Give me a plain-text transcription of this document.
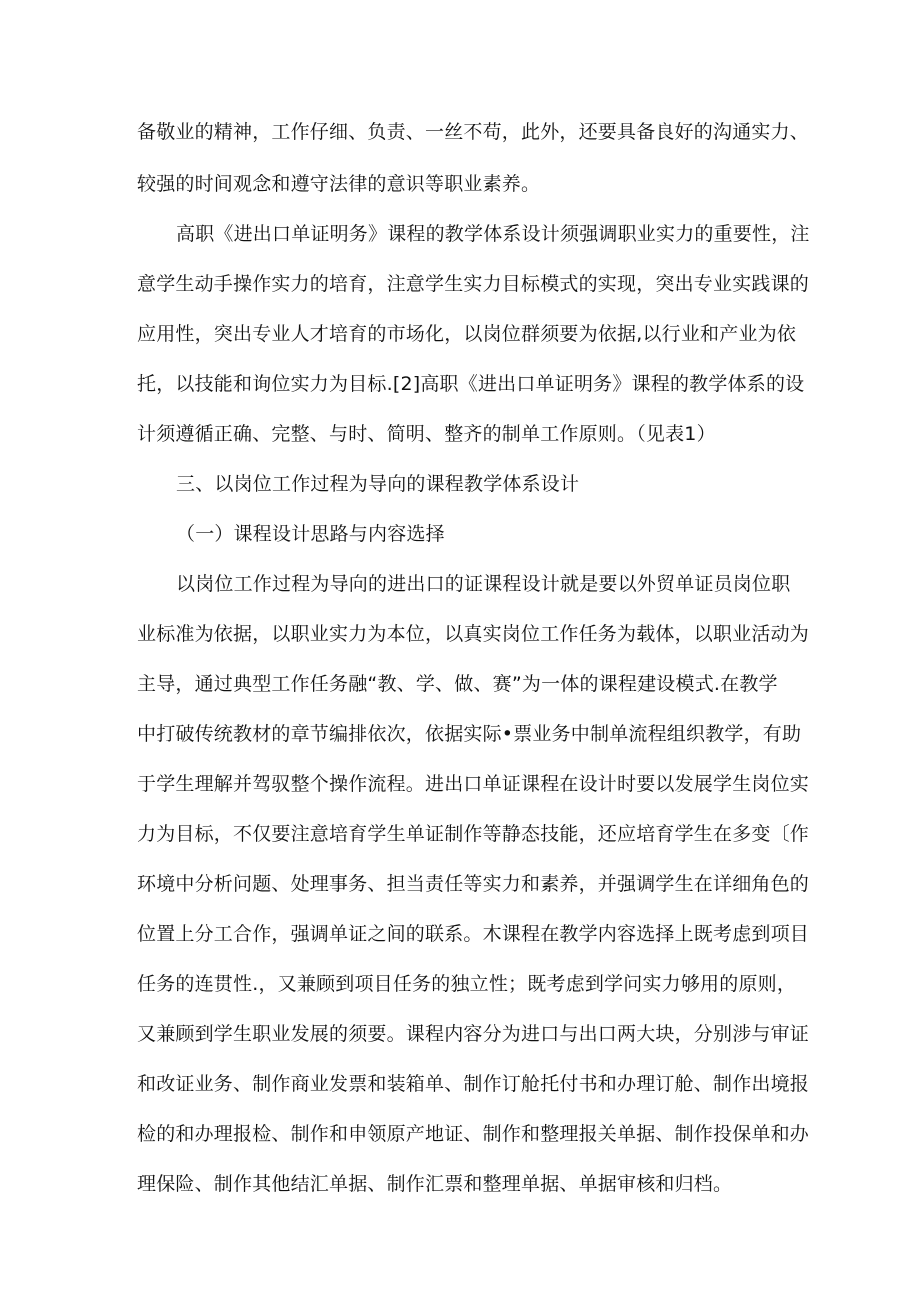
备敬业的精神，工作仔细、负责、一丝不苟，此外，还要具备良好的沟通实力、
较强的时间观念和遵守法律的意识等职业素养。
高职《进出口单证明务》课程的教学体系设计须强调职业实力的重要性，注
意学生动手操作实力的培育，注意学生实力目标模式的实现，突出专业实践课的
应用性，突出专业人才培育的市场化，以岗位群须要为依据,以行业和产业为依
托，以技能和询位实力为目标.[2]高职《进出口单证明务》课程的教学体系的设
计须遵循正确、完整、与时、简明、整齐的制单工作原则。（见表1）
三、以岗位工作过程为导向的课程教学体系设计
（一）课程设计思路与内容选择
以岗位工作过程为导向的进出口的证课程设计就是要以外贸单证员岗位职
业标准为依据，以职业实力为本位，以真实岗位工作任务为载体，以职业活动为
主导，通过典型工作任务融“教、学、做、赛”为一体的课程建设模式.在教学
中打破传统教材的章节编排依次，依据实际•票业务中制单流程组织教学，有助
于学生理解并驾驭整个操作流程。进出口单证课程在设计时要以发展学生岗位实
力为目标，不仅要注意培育学生单证制作等静态技能，还应培育学生在多变〔作
环境中分析问题、处理事务、担当责任等实力和素养，并强调学生在详细角色的
位置上分工合作，强调单证之间的联系。木课程在教学内容选择上既考虑到项目
任务的连贯性.，又兼顾到项目任务的独立性；既考虑到学问实力够用的原则，
又兼顾到学生职业发展的须要。课程内容分为进口与出口两大块，分别涉与审证
和改证业务、制作商业发票和装箱单、制作订舱托付书和办理订舱、制作出境报
检的和办理报检、制作和申领原产地证、制作和整理报关单据、制作投保单和办
理保险、制作其他结汇单据、制作汇票和整理单据、单据审核和归档。
